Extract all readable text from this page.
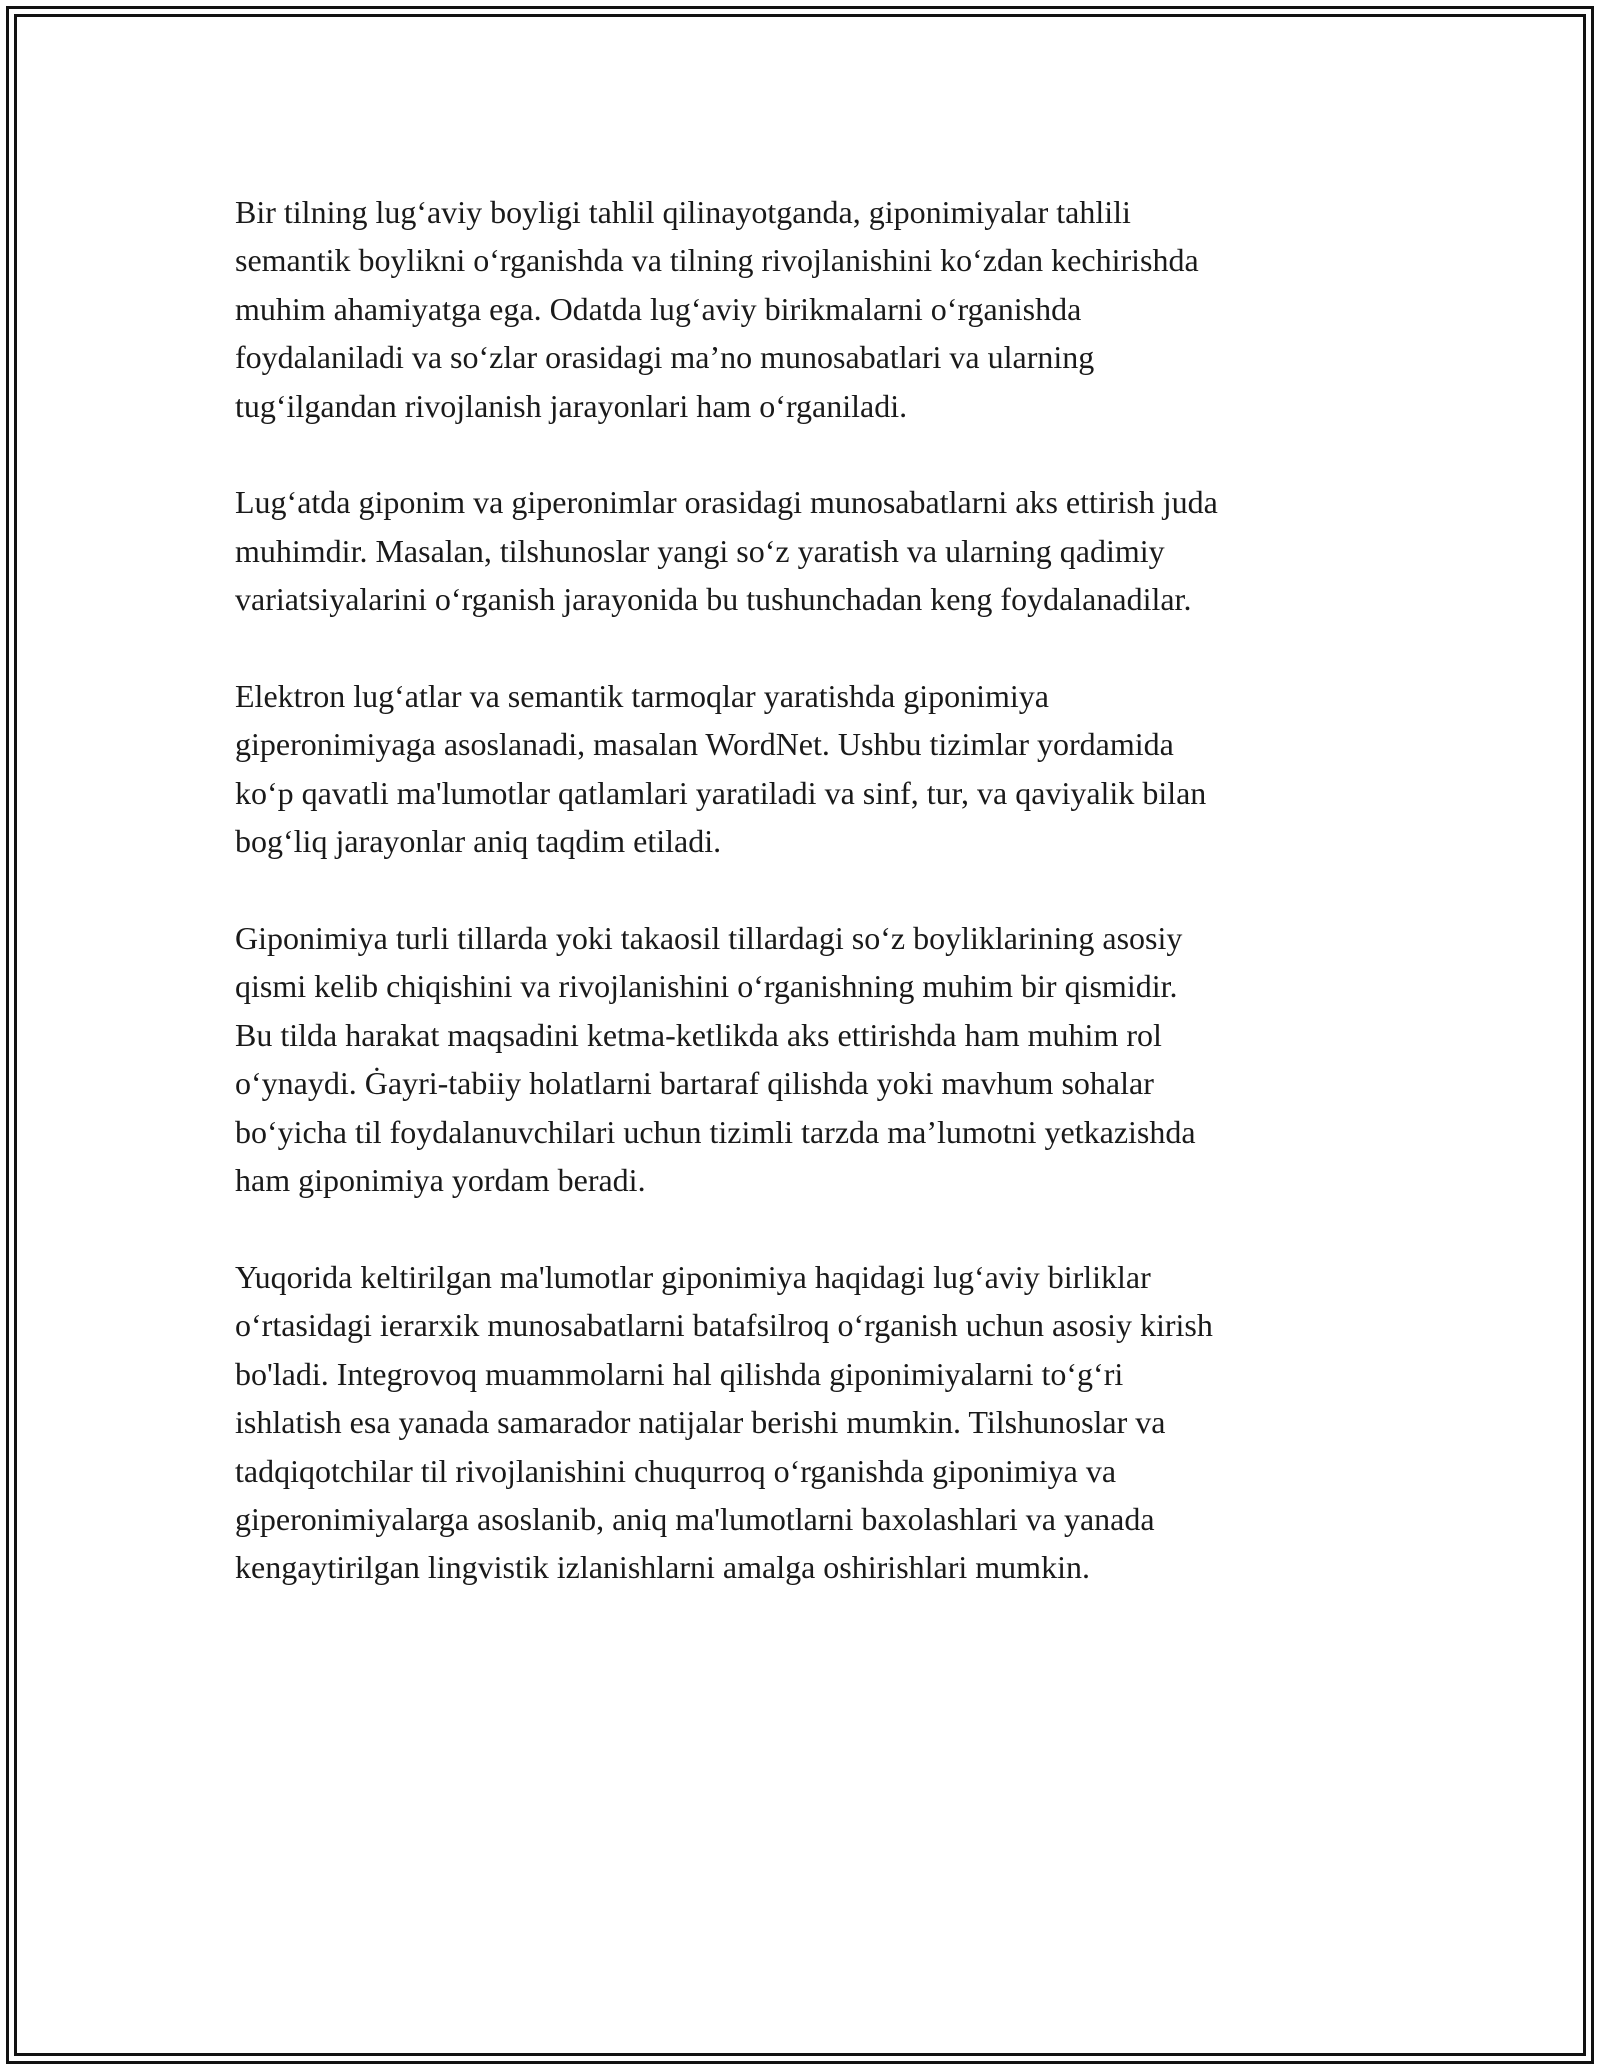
Bir tilning lug‘aviy boyligi tahlil qilinayotganda, giponimiyalar tahlili
semantik boylikni o‘rganishda va tilning rivojlanishini ko‘zdan kechirishda
muhim ahamiyatga ega. Odatda lug‘aviy birikmalarni o‘rganishda
foydalaniladi va so‘zlar orasidagi ma’no munosabatlari va ularning
tug‘ilgandan rivojlanish jarayonlari ham o‘rganiladi.

Lug‘atda giponim va giperonimlar orasidagi munosabatlarni aks ettirish juda
muhimdir. Masalan, tilshunoslar yangi so‘z yaratish va ularning qadimiy
variatsiyalarini o‘rganish jarayonida bu tushunchadan keng foydalanadilar.

Elektron lug‘atlar va semantik tarmoqlar yaratishda giponimiya
giperonimiyaga asoslanadi, masalan WordNet. Ushbu tizimlar yordamida
ko‘p qavatli ma'lumotlar qatlamlari yaratiladi va sinf, tur, va qaviyalik bilan
bog‘liq jarayonlar aniq taqdim etiladi.

Giponimiya turli tillarda yoki takaosil tillardagi so‘z boyliklarining asosiy
qismi kelib chiqishini va rivojlanishini o‘rganishning muhim bir qismidir.
Bu tilda harakat maqsadini ketma-ketlikda aks ettirishda ham muhim rol
o‘ynaydi. Ġayri-tabiiy holatlarni bartaraf qilishda yoki mavhum sohalar
bo‘yicha til foydalanuvchilari uchun tizimli tarzda ma’lumotni yetkazishda
ham giponimiya yordam beradi.

Yuqorida keltirilgan ma'lumotlar giponimiya haqidagi lug‘aviy birliklar
o‘rtasidagi ierarxik munosabatlarni batafsilroq o‘rganish uchun asosiy kirish
bo'ladi. Integrovoq muammolarni hal qilishda giponimiyalarni to‘g‘ri
ishlatish esa yanada samarador natijalar berishi mumkin. Tilshunoslar va
tadqiqotchilar til rivojlanishini chuqurroq o‘rganishda giponimiya va
giperonimiyalarga asoslanib, aniq ma'lumotlarni baxolashlari va yanada
kengaytirilgan lingvistik izlanishlarni amalga oshirishlari mumkin.
